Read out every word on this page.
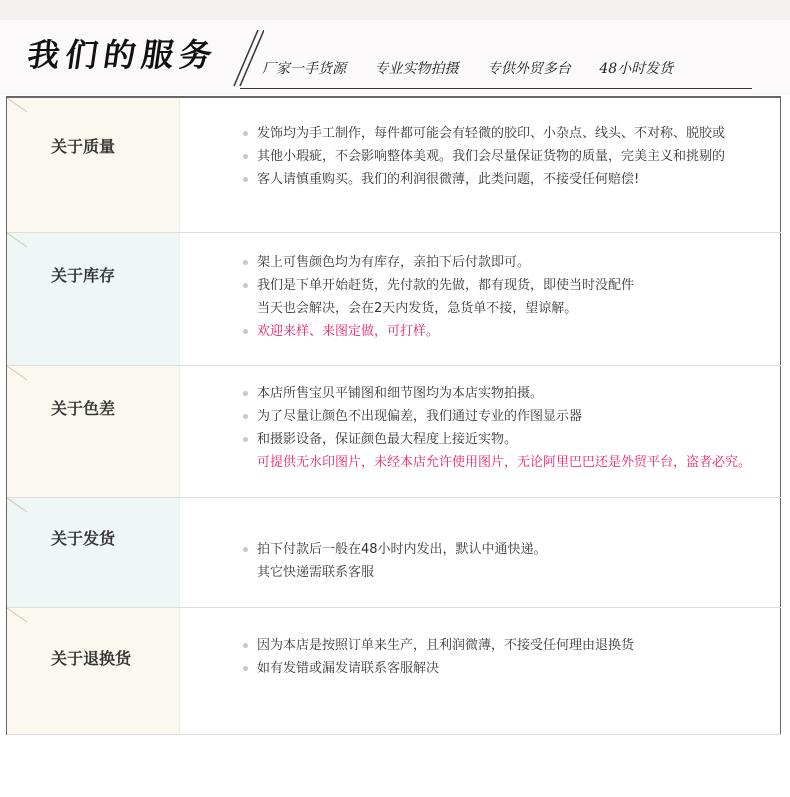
我们的服务	厂家一手货源 专业实物拍摄 专供外贸多台 48小时发货
关于质量
发饰均为手工制作，每件都可能会有轻微的胶印、小杂点、线头、不对称、脱胶或
其他小瑕疵，不会影响整体美观。我们会尽量保证货物的质量，完美主义和挑剔的
客人请慎重购买。我们的利润很微薄，此类问题，不接受任何赔偿!
关于库存
架上可售颜色均为有库存，亲拍下后付款即可。
我们是下单开始赶货，先付款的先做，都有现货，即使当时没配件
当天也会解决，会在2天内发货，急货单不接，望谅解。
欢迎来样、来图定做，可打样。
关于色差
本店所售宝贝平铺图和细节图均为本店实物拍摄。
为了尽量让颜色不出现偏差，我们通过专业的作图显示器
和摄影设备，保证颜色最大程度上接近实物。
可提供无水印图片，未经本店允许使用图片，无论阿里巴巴还是外贸平台，盗者必究。
关于发货
拍下付款后一般在48小时内发出，默认中通快递。
其它快递需联系客服
关于退换货
因为本店是按照订单来生产，且利润微薄，不接受任何理由退换货
如有发错或漏发请联系客服解决
